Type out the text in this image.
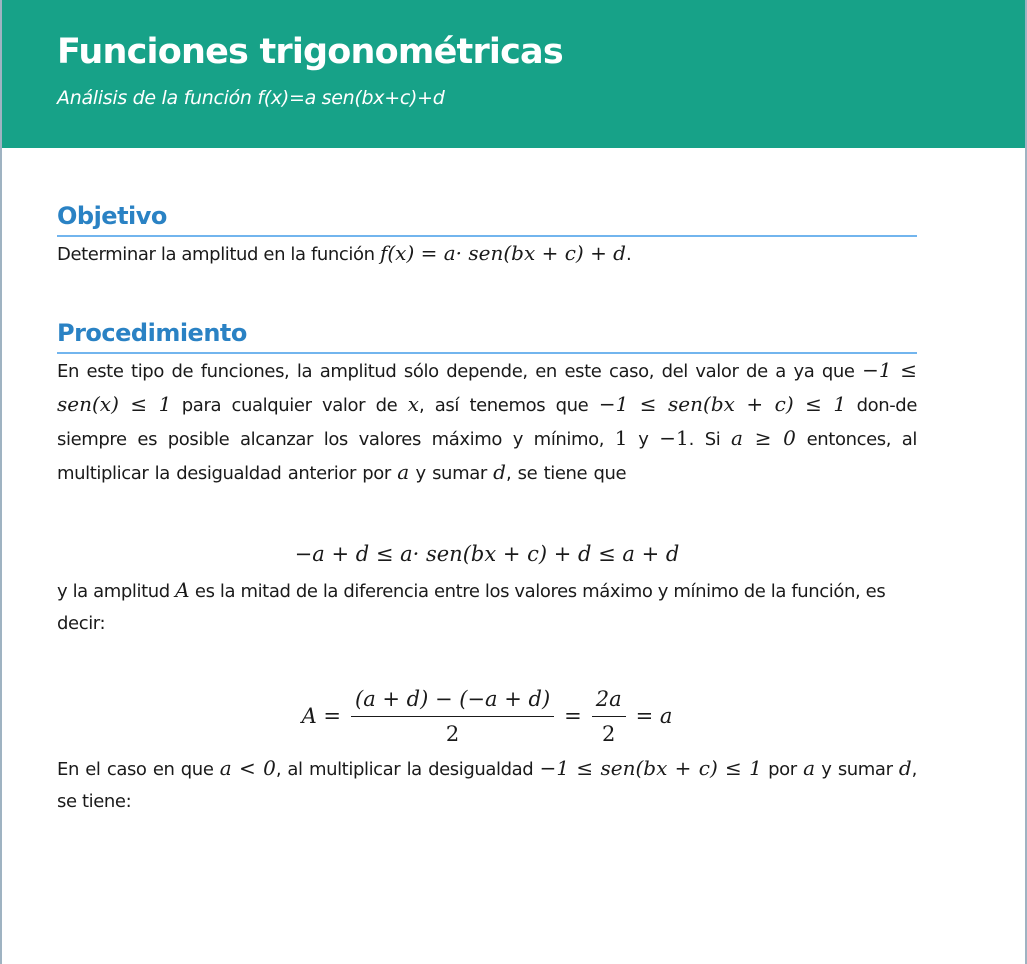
Funciones trigonométricas
Análisis de la función f(x)=a sen(bx+c)+d
Objetivo

Determinar la amplitud en la función f(x) = a· sen(bx + c) + d.

Procedimiento

En este tipo de funciones, la amplitud sólo depende, en este caso, del valor de a ya que −1 ≤ sen(x) ≤ 1 para cualquier valor de x, así tenemos que −1 ≤ sen(bx + c) ≤ 1 don-de siempre es posible alcanzar los valores máximo y mínimo, 1 y −1. Si a ≥ 0 entonces, al multiplicar la desigualdad anterior por a y sumar d, se tiene que

−a + d ≤ a· sen(bx + c) + d ≤ a + d

y la amplitud A es la mitad de la diferencia entre los valores máximo y mínimo de la función, es decir:

$A = \frac{(a + d) - (-a + d)}{2} = \frac{2a}{2} = a$

En el caso en que a < 0, al multiplicar la desigualdad −1 ≤ sen(bx + c) ≤ 1 por a y sumar d, se tiene:
